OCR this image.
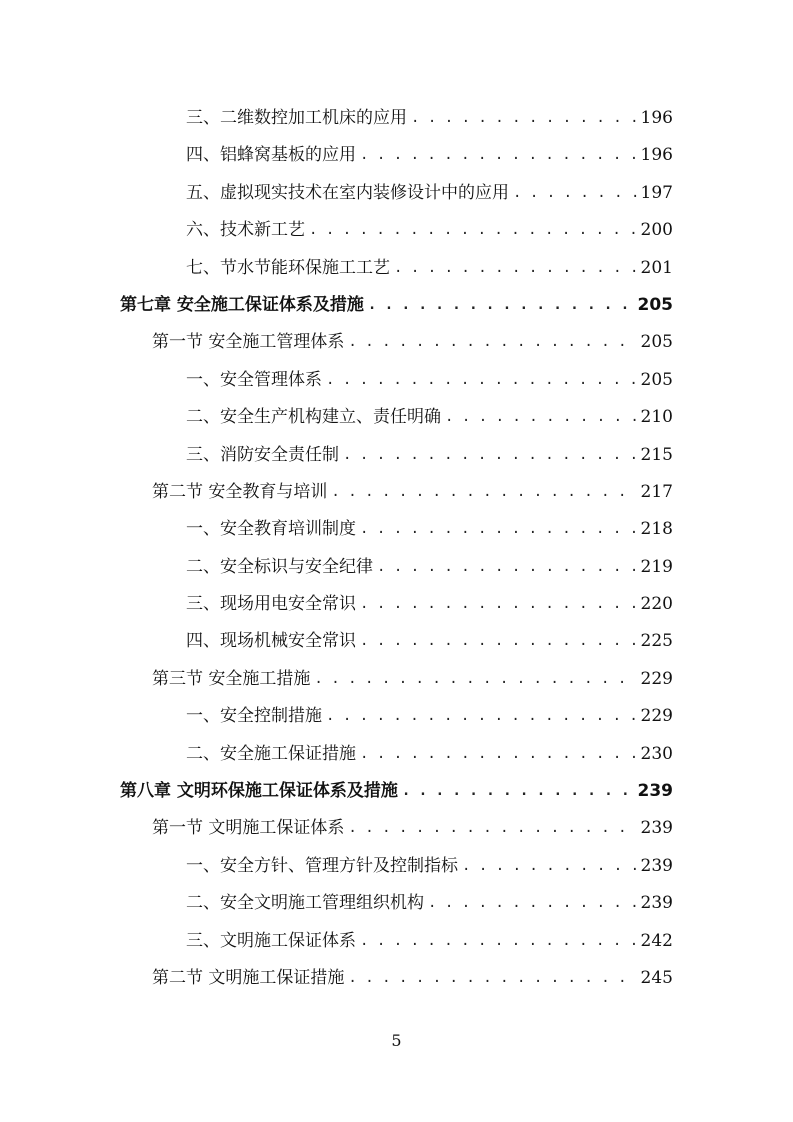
三、二维数控加工机床的应用 . . .	196
四、铝蜂窝基板的应用 . . .	196
五、虚拟现实技术在室内装修设计中的应用 . . .	197
六、技术新工艺 . . .	200
七、节水节能环保施工工艺 . . .	201
第七章 安全施工保证体系及措施 . . .	205
第一节 安全施工管理体系 . . .	205
一、安全管理体系 . . .	205
二、安全生产机构建立、责任明确 . . .	210
三、消防安全责任制 . . .	215
第二节 安全教育与培训 . . .	217
一、安全教育培训制度 . . .	218
二、安全标识与安全纪律 . . .	219
三、现场用电安全常识 . . .	220
四、现场机械安全常识 . . .	225
第三节 安全施工措施 . . .	229
一、安全控制措施 . . .	229
二、安全施工保证措施 . . .	230
第八章 文明环保施工保证体系及措施 . . .	239
第一节 文明施工保证体系 . . .	239
一、安全方针、管理方针及控制指标 . . .	239
二、安全文明施工管理组织机构 . . .	239
三、文明施工保证体系 . . .	242
第二节 文明施工保证措施 . . .	245
5
